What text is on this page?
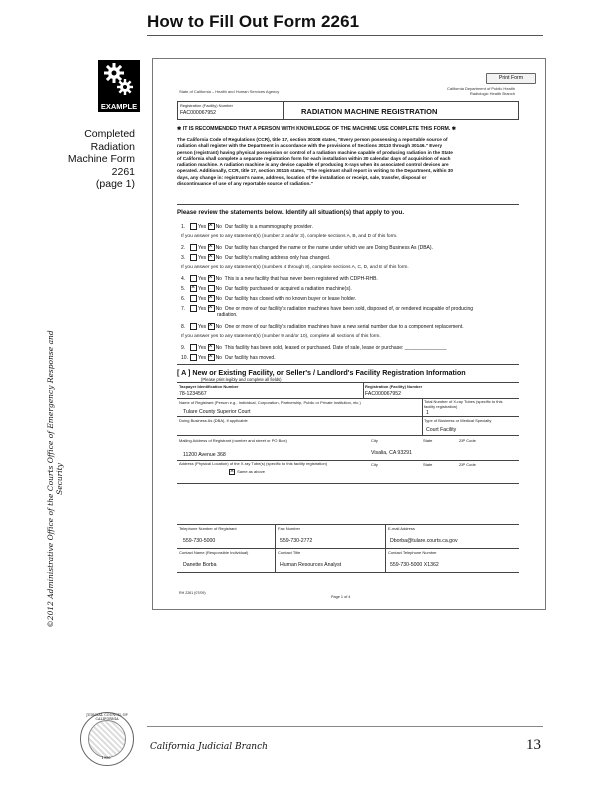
How to Fill Out Form 2261
EXAMPLE
Completed
Radiation
Machine Form
2261
(page 1)
©2012 Administrative Office of the Courts Office of Emergency Response and Security
Print Form
State of California – Health and Human Services Agency
California Department of Public Health
Radiologic Health Branch
Registration (Facility) Number
FAC000067952	RADIATION MACHINE REGISTRATION
✱ IT IS RECOMMENDED THAT A PERSON WITH KNOWLEDGE OF THE MACHINE USE COMPLETE THIS FORM. ✱
The California Code of Regulations (CCR), title 17, section 30108 states, "Every person possessing a reportable source of
radiation shall register with the Department in accordance with the provisions of Sections 30110 through 30146." Every
person (registrant) having physical possession or control of a radiation machine capable of producing radiation in the State
of California shall complete a separate registration form for each installation within 30 calendar days of acquisition of each
radiation machine. A radiation machine is any device capable of producing X-rays when its associated control devices are
operated. Additionally, CCR, title 17, section 30115 states, "The registrant shall report in writing to the Department, within 30
days, any change in: registrant's name, address, location of the installation or receipt, sale, transfer, disposal or
discontinuance of use of any reportable source of radiation."
Please review the statements below. Identify all situation(s) that apply to you.
1.	Yes × No Our facility is a mammography provider.
If you answer yes to any statement(s) (number 2 and/or 3), complete sections A, B, and D of this form.
2.	Yes × No Our facility has changed the name or the name under which we are Doing Business As (DBA).
3.	Yes × No Our facility's mailing address only has changed.
If you answer yes to any statement(s) (numbers 4 through 8), complete sections A, C, D, and E of this form.
4.	Yes × No This is a new facility that has never been registered with CDPH-RHB.
5. ×	Yes No Our facility purchased or acquired a radiation machine(s).
6.	Yes × No Our facility has closed with no known buyer or lease holder.
7.	Yes × No One or more of our facility's radiation machines have been sold, disposed of, or rendered incapable of producing
radiation.
8.	Yes × No One or more of our facility's radiation machines have a new serial number due to a component replacement.
If you answer yes to any statement(s) (number 9 and/or 10), complete all sections of this form.
9.	Yes × No This facility has been sold, leased or purchased. Date of sale, lease or purchase: _______________
10. Yes × No Our facility has moved.
[ A ] New or Existing Facility, or Seller's / Landlord's Facility Registration Information
(Please print legibly and complete all fields)
Taxpayer Identification Number
78-1234567
Registration (Facility) Number
FAC000067952
Name of Registrant (Person e.g., Individual, Corporation, Partnership, Public or Private Institution, etc.)
Tulare County Superior Court
Total Number of X-ray Tubes (specific to this facility registration)
1
Doing Business As (DBA), if applicable	Type of Business or Medical Specialty
Court Facility
Mailing Address of Registrant (number and street or PO Box)	City	State	ZIP Code
11200 Avenue 368	Visalia, CA 93291
Address (Physical Location) of the X-ray Tube(s) (specific to this facility registration)	City	State	ZIP Code
× Same as above
Telephone Number of Registrant
559-730-5000
Fax Number
559-730-2772
E-mail Address
Dborba@tulare.courts.ca.gov
Contact Name (Responsible Individual)
Danette Borba
Contact Title
Human Resources Analyst
Contact Telephone Number
559-730-5000 X1362
RH 2261 (07/09)
Page 1 of 4
JUDICIAL COUNCIL OF CALIFORNIA
1926
California Judicial Branch	13
